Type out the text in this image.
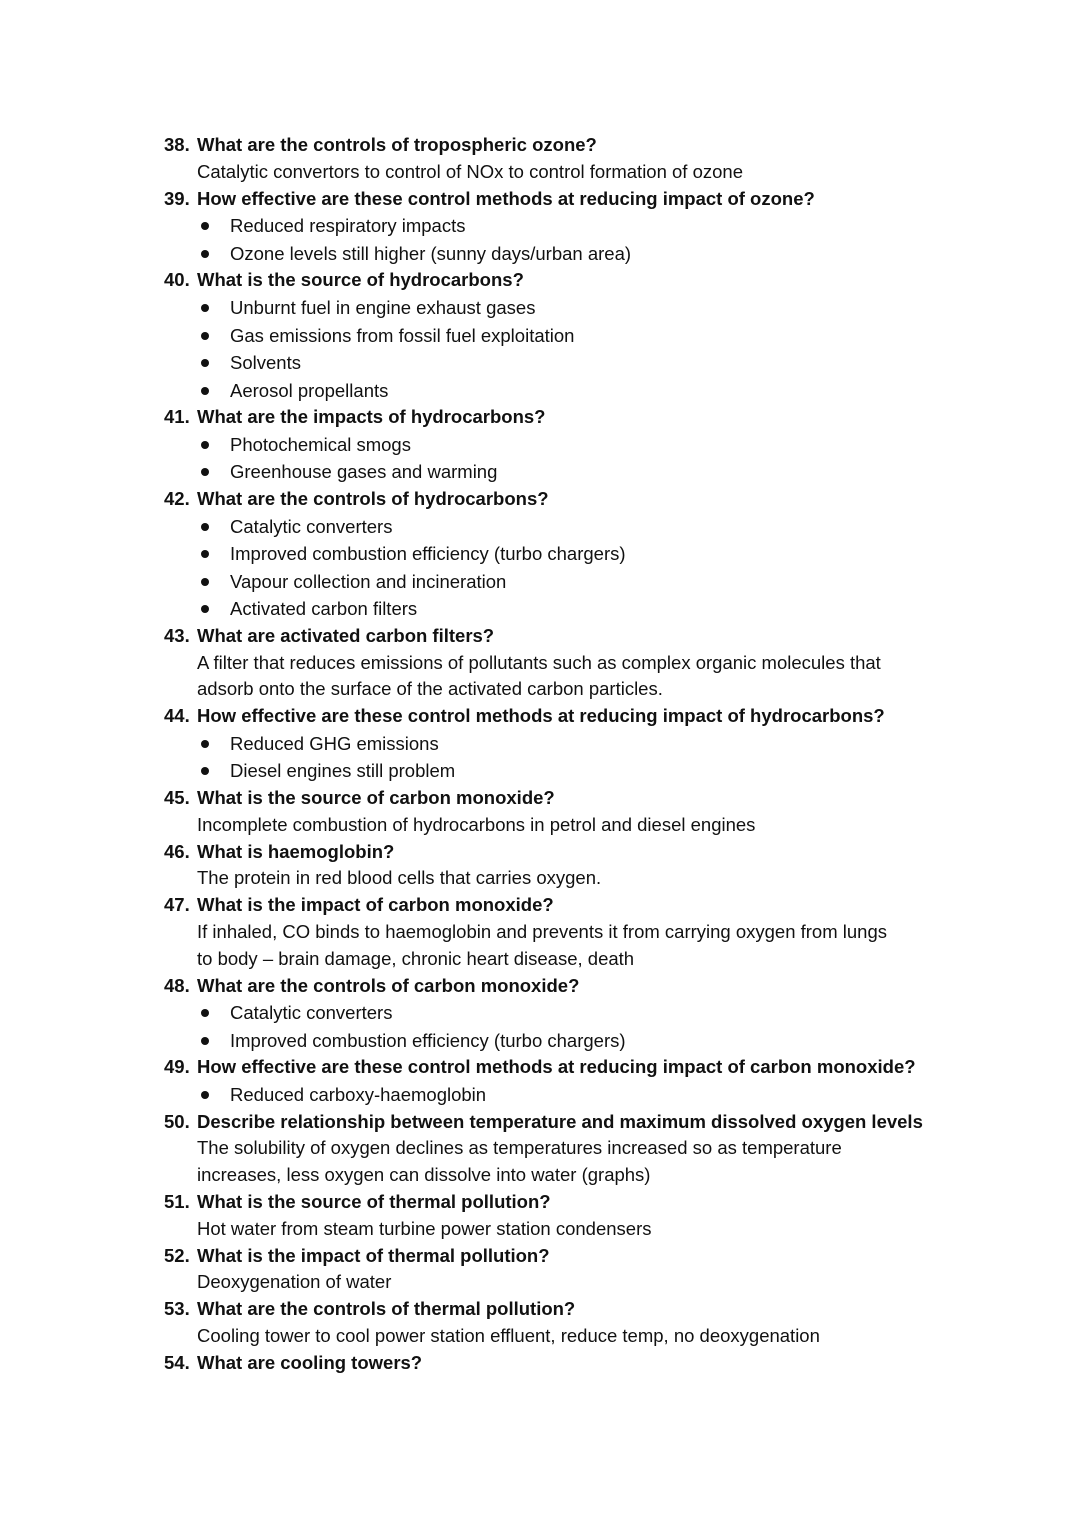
38. What are the controls of tropospheric ozone?
Catalytic convertors to control of NOx to control formation of ozone
39. How effective are these control methods at reducing impact of ozone?
Reduced respiratory impacts
Ozone levels still higher (sunny days/urban area)
40. What is the source of hydrocarbons?
Unburnt fuel in engine exhaust gases
Gas emissions from fossil fuel exploitation
Solvents
Aerosol propellants
41. What are the impacts of hydrocarbons?
Photochemical smogs
Greenhouse gases and warming
42. What are the controls of hydrocarbons?
Catalytic converters
Improved combustion efficiency (turbo chargers)
Vapour collection and incineration
Activated carbon filters
43. What are activated carbon filters?
A filter that reduces emissions of pollutants such as complex organic molecules that
adsorb onto the surface of the activated carbon particles.
44. How effective are these control methods at reducing impact of hydrocarbons?
Reduced GHG emissions
Diesel engines still problem
45. What is the source of carbon monoxide?
Incomplete combustion of hydrocarbons in petrol and diesel engines
46. What is haemoglobin?
The protein in red blood cells that carries oxygen.
47. What is the impact of carbon monoxide?
If inhaled, CO binds to haemoglobin and prevents it from carrying oxygen from lungs
to body – brain damage, chronic heart disease, death
48. What are the controls of carbon monoxide?
Catalytic converters
Improved combustion efficiency (turbo chargers)
49. How effective are these control methods at reducing impact of carbon monoxide?
Reduced carboxy-haemoglobin
50. Describe relationship between temperature and maximum dissolved oxygen levels
The solubility of oxygen declines as temperatures increased so as temperature
increases, less oxygen can dissolve into water (graphs)
51. What is the source of thermal pollution?
Hot water from steam turbine power station condensers
52. What is the impact of thermal pollution?
Deoxygenation of water
53. What are the controls of thermal pollution?
Cooling tower to cool power station effluent, reduce temp, no deoxygenation
54. What are cooling towers?
